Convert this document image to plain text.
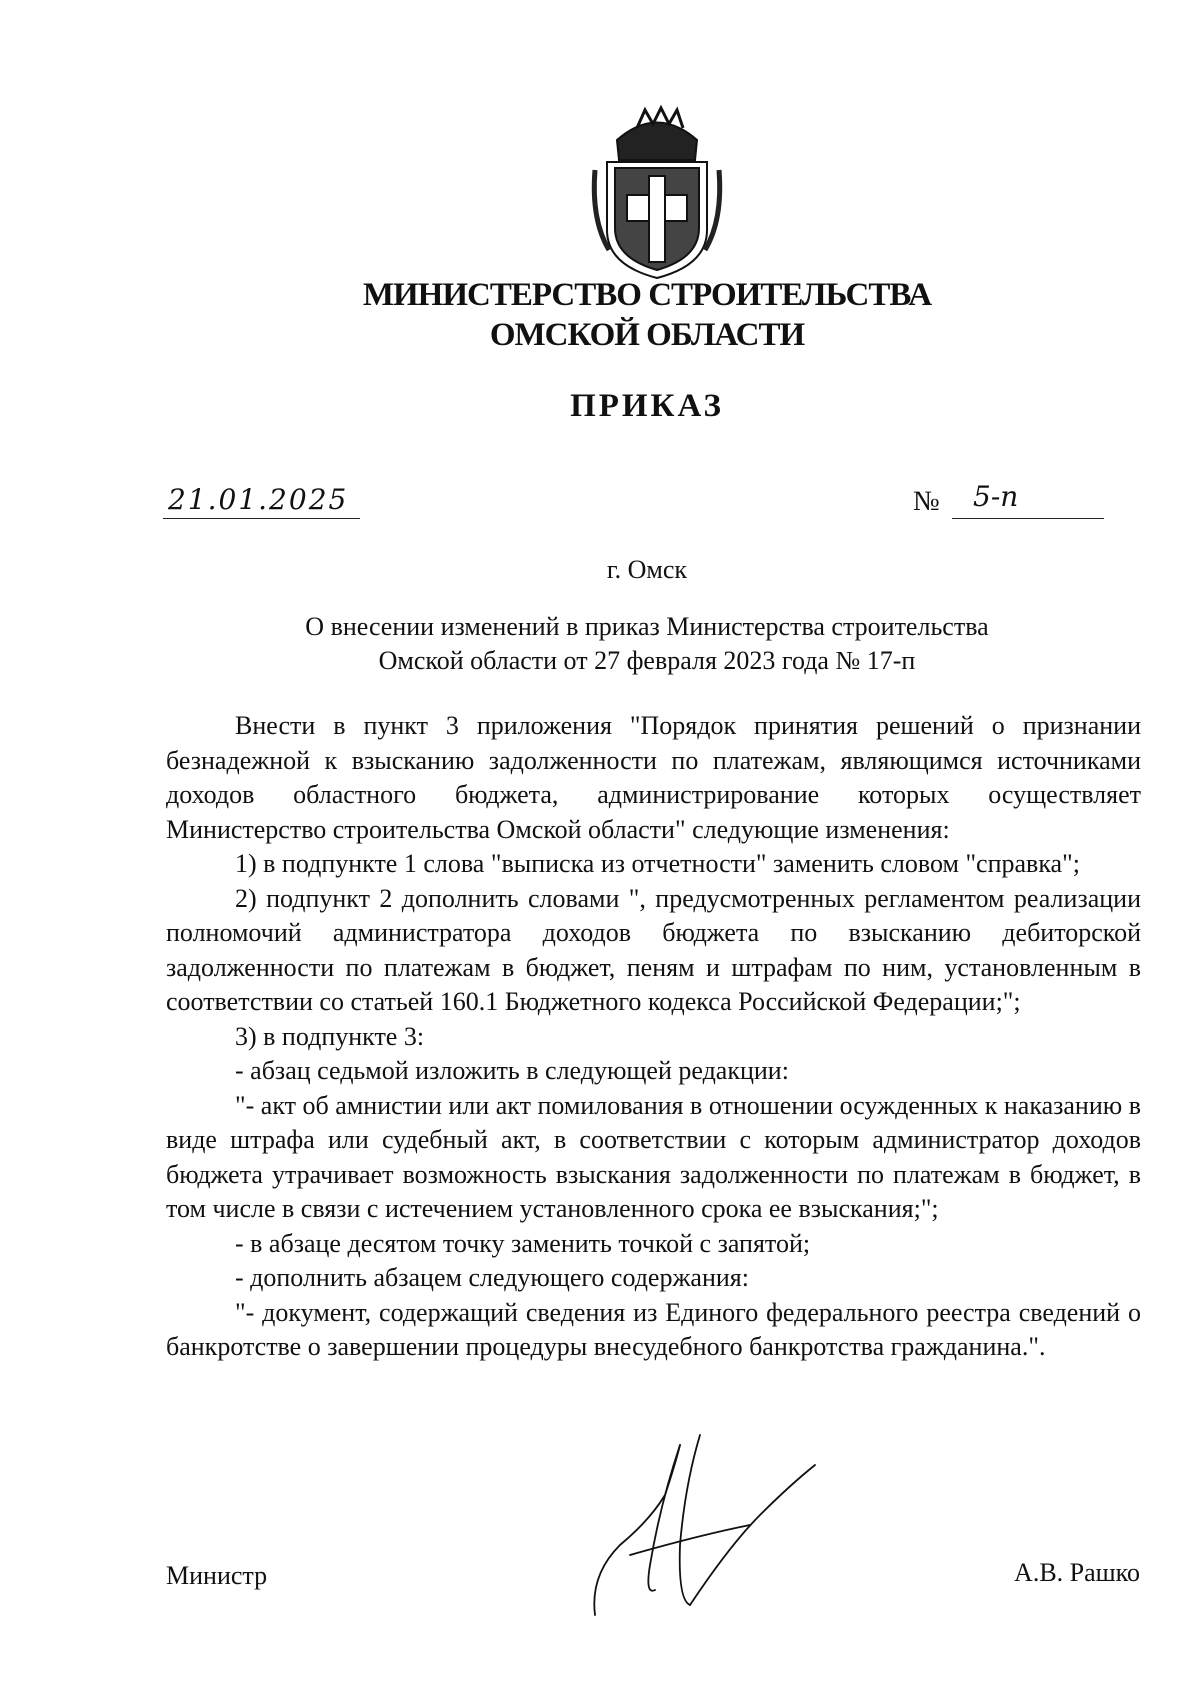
МИНИСТЕРСТВО СТРОИТЕЛЬСТВА
ОМСКОЙ ОБЛАСТИ
ПРИКАЗ
21.01.2025	№ 5-п
г. Омск
О внесении изменений в приказ Министерства строительства
Омской области от 27 февраля 2023 года № 17-п

Внести в пункт 3 приложения "Порядок принятия решений о признании безнадежной к взысканию задолженности по платежам, являющимся источниками доходов областного бюджета, администрирование которых осуществляет Министерство строительства Омской области" следующие изменения:

1) в подпункте 1 слова "выписка из отчетности" заменить словом "справка";

2) подпункт 2 дополнить словами ", предусмотренных регламентом реализации полномочий администратора доходов бюджета по взысканию дебиторской задолженности по платежам в бюджет, пеням и штрафам по ним, установленным в соответствии со статьей 160.1 Бюджетного кодекса Российской Федерации;";

3) в подпункте 3:

- абзац седьмой изложить в следующей редакции:

"- акт об амнистии или акт помилования в отношении осужденных к наказанию в виде штрафа или судебный акт, в соответствии с которым администратор доходов бюджета утрачивает возможность взыскания задолженности по платежам в бюджет, в том числе в связи с истечением установленного срока ее взыскания;";

- в абзаце десятом точку заменить точкой с запятой;

- дополнить абзацем следующего содержания:

"- документ, содержащий сведения из Единого федерального реестра сведений о банкротстве о завершении процедуры внесудебного банкротства гражданина.".

Министр	А.В. Рашко
